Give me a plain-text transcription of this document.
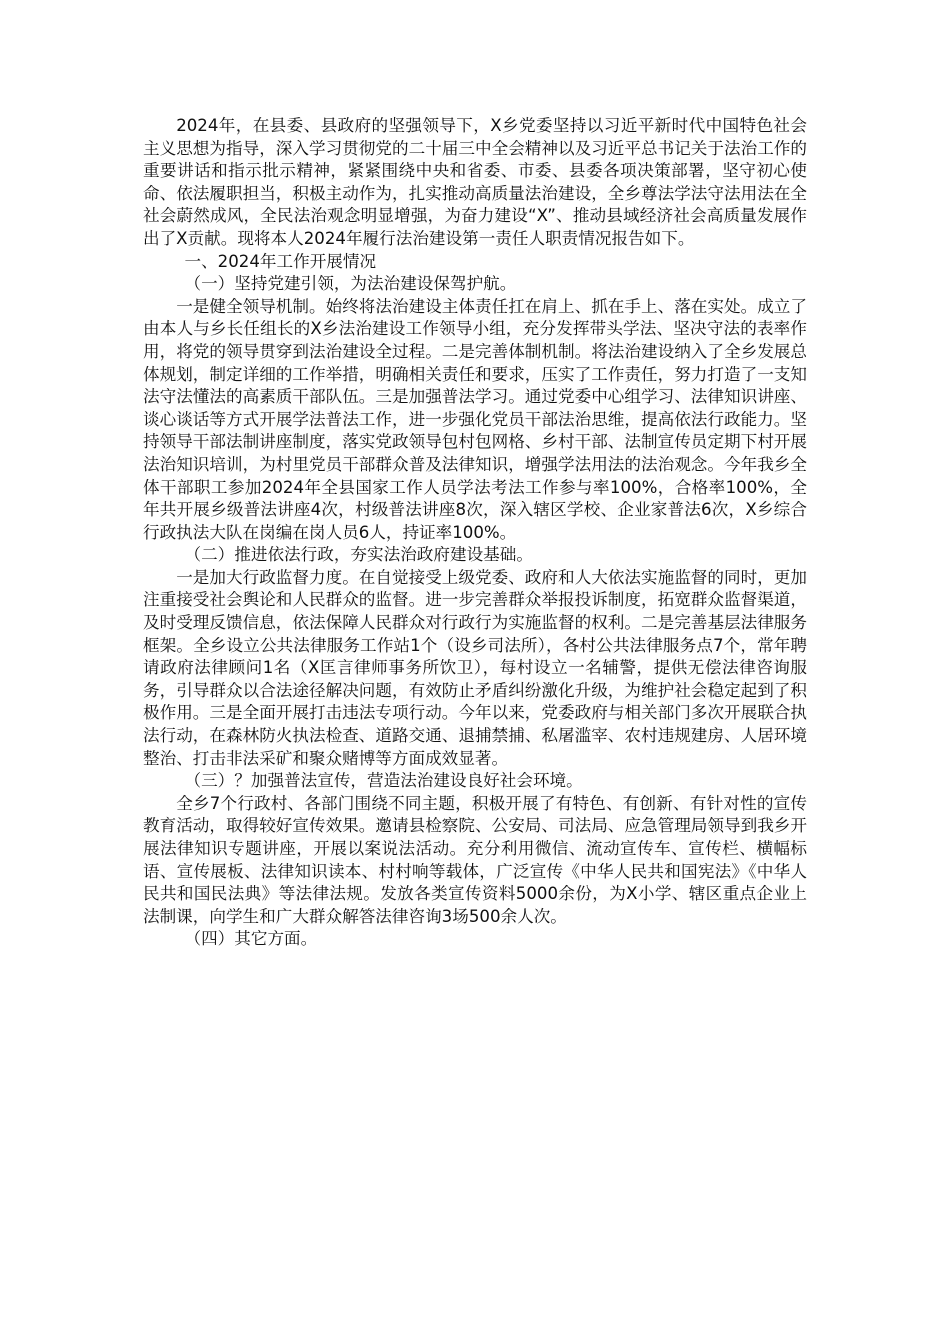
2024年，在县委、县政府的坚强领导下，X乡党委坚持以习近平新时代中国特色社会主义思想为指导，深入学习贯彻党的二十届三中全会精神以及习近平总书记关于法治工作的重要讲话和指示批示精神，紧紧围绕中央和省委、市委、县委各项决策部署，坚守初心使命、依法履职担当，积极主动作为，扎实推动高质量法治建设，全乡尊法学法守法用法在全社会蔚然成风，全民法治观念明显增强，为奋力建设“X”、推动县域经济社会高质量发展作出了X贡献。现将本人2024年履行法治建设第一责任人职责情况报告如下。

一、2024年工作开展情况

（一）坚持党建引领，为法治建设保驾护航。

一是健全领导机制。始终将法治建设主体责任扛在肩上、抓在手上、落在实处。成立了由本人与乡长任组长的X乡法治建设工作领导小组，充分发挥带头学法、坚决守法的表率作用，将党的领导贯穿到法治建设全过程。二是完善体制机制。将法治建设纳入了全乡发展总体规划，制定详细的工作举措，明确相关责任和要求，压实了工作责任，努力打造了一支知法守法懂法的高素质干部队伍。三是加强普法学习。通过党委中心组学习、法律知识讲座、谈心谈话等方式开展学法普法工作，进一步强化党员干部法治思维，提高依法行政能力。坚持领导干部法制讲座制度，落实党政领导包村包网格、乡村干部、法制宣传员定期下村开展法治知识培训，为村里党员干部群众普及法律知识，增强学法用法的法治观念。今年我乡全体干部职工参加2024年全县国家工作人员学法考法工作参与率100%，合格率100%，全年共开展乡级普法讲座4次，村级普法讲座8次，深入辖区学校、企业家普法6次，X乡综合行政执法大队在岗编在岗人员6人，持证率100%。

（二）推进依法行政，夯实法治政府建设基础。

一是加大行政监督力度。在自觉接受上级党委、政府和人大依法实施监督的同时，更加注重接受社会舆论和人民群众的监督。进一步完善群众举报投诉制度，拓宽群众监督渠道，及时受理反馈信息，依法保障人民群众对行政行为实施监督的权利。二是完善基层法律服务框架。全乡设立公共法律服务工作站1个（设乡司法所），各村公共法律服务点7个，常年聘请政府法律顾问1名（X匡言律师事务所饮卫），每村设立一名辅警，提供无偿法律咨询服务，引导群众以合法途径解决问题，有效防止矛盾纠纷激化升级，为维护社会稳定起到了积极作用。三是全面开展打击违法专项行动。今年以来，党委政府与相关部门多次开展联合执法行动，在森林防火执法检查、道路交通、退捕禁捕、私屠滥宰、农村违规建房、人居环境整治、打击非法采矿和聚众赌博等方面成效显著。

（三）？加强普法宣传，营造法治建设良好社会环境。

全乡7个行政村、各部门围绕不同主题，积极开展了有特色、有创新、有针对性的宣传教育活动，取得较好宣传效果。邀请县检察院、公安局、司法局、应急管理局领导到我乡开展法律知识专题讲座，开展以案说法活动。充分利用微信、流动宣传车、宣传栏、横幅标语、宣传展板、法律知识读本、村村响等载体，广泛宣传《中华人民共和国宪法》《中华人民共和国民法典》等法律法规。发放各类宣传资料5000余份，为X小学、辖区重点企业上法制课，向学生和广大群众解答法律咨询3场500余人次。

（四）其它方面。
